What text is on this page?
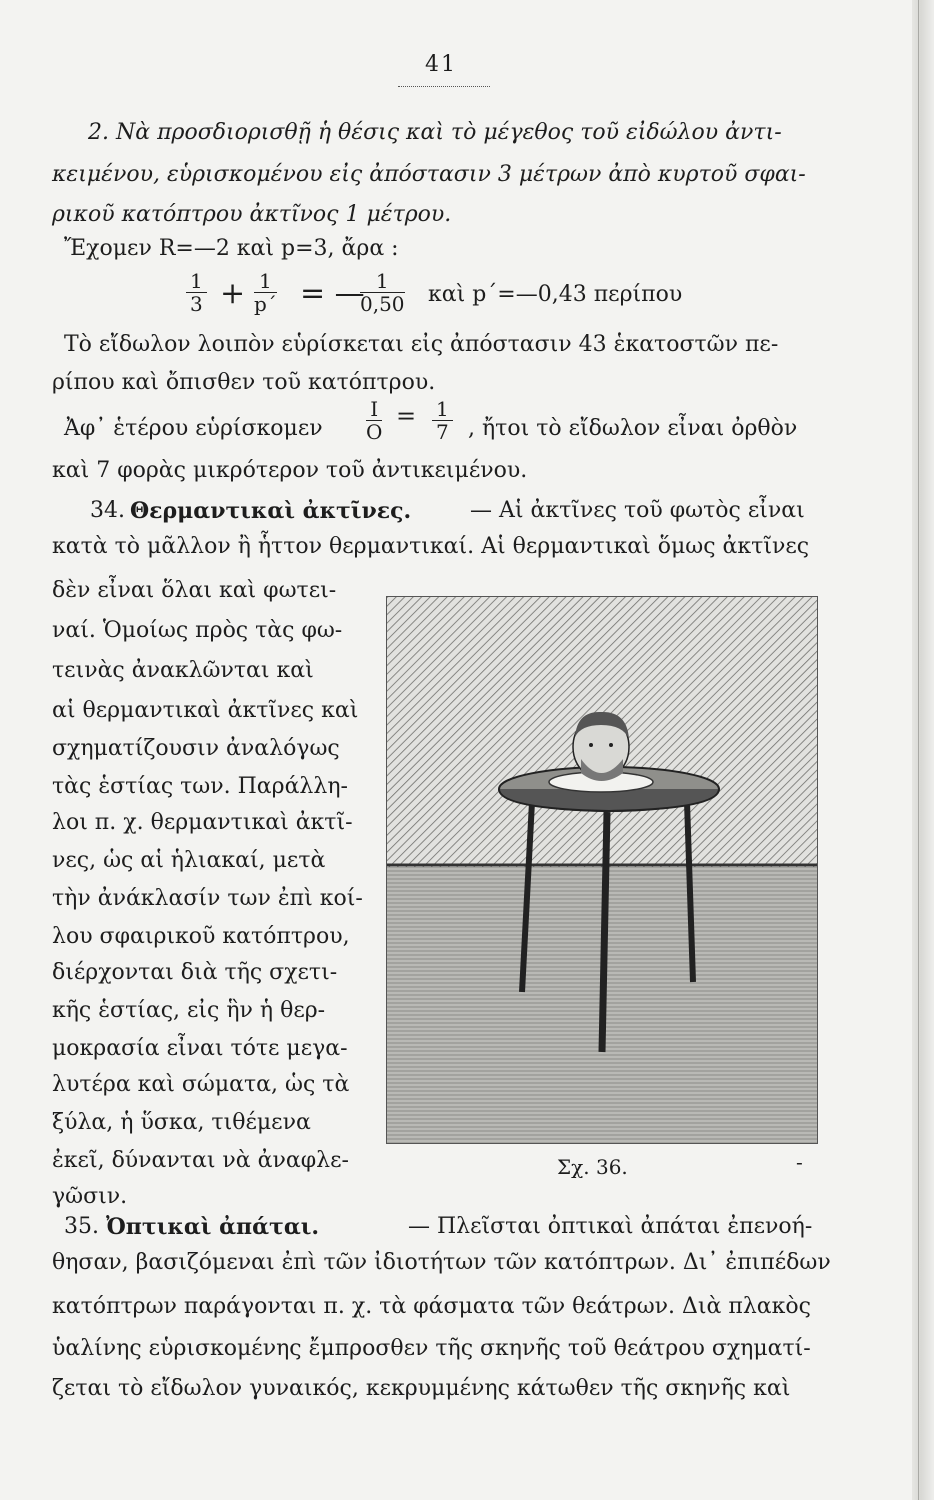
41
2. Νὰ προσδιορισθῇ ἡ θέσις καὶ τὸ μέγεθος τοῦ εἰδώλου ἀντι-
κειμένου, εὑρισκομένου εἰς ἀπόστασιν 3 μέτρων ἀπὸ κυρτοῦ σφαι-
ρικοῦ κατόπτρου ἀκτῖνος 1 μέτρου.
Ἔχομεν R=—2 καὶ p=3, ἄρα :
$\frac{1}{3} + \frac{1}{p´}$ = —
$\frac{1}{0,50}$ καὶ p´=—0,43 περίπου
Τὸ εἴδωλον λοιπὸν εὑρίσκεται εἰς ἀπόστασιν 43 ἑκατοστῶν πε-
ρίπου καὶ ὄπισθεν τοῦ κατόπτρου.
Ἀφ᾽ ἑτέρου εὑρίσκομεν $\frac{I}{O} = \frac{1}{7}$ , ἤτοι τὸ εἴδωλον εἶναι ὀρθὸν
καὶ 7 φορὰς μικρότερον τοῦ ἀντικειμένου.
34. Θερμαντικαὶ ἀκτῖνες.	— Αἱ ἀκτῖνες τοῦ φωτὸς εἶναι
κατὰ τὸ μᾶλλον ἢ ἧττον θερμαντικαί. Αἱ θερμαντικαὶ ὅμως ἀκτῖνες
δὲν εἶναι ὅλαι καὶ φωτει-
ναί. Ὁμοίως πρὸς τὰς φω-
τεινὰς ἀνακλῶνται καὶ
αἱ θερμαντικαὶ ἀκτῖνες καὶ
σχηματίζουσιν ἀναλόγως
τὰς ἑστίας των. Παράλλη-
λοι π. χ. θερμαντικαὶ ἀκτῖ-
νες, ὡς αἱ ἡλιακαί, μετὰ
τὴν ἀνάκλασίν των ἐπὶ κοί-
λου σφαιρικοῦ κατόπτρου,
διέρχονται διὰ τῆς σχετι-
κῆς ἑστίας, εἰς ἣν ἡ θερ-
μοκρασία εἶναι τότε μεγα-
λυτέρα καὶ σώματα, ὡς τὰ
ξύλα, ἡ ὕσκα, τιθέμενα
ἐκεῖ, δύνανται νὰ ἀναφλε-
γῶσιν.
Σχ. 36.	-
35. Ὀπτικαὶ ἀπάται.	— Πλεῖσται ὀπτικαὶ ἀπάται ἐπενοή-
θησαν, βασιζόμεναι ἐπὶ τῶν ἰδιοτήτων τῶν κατόπτρων. Δι᾽ ἐπιπέδων
κατόπτρων παράγονται π. χ. τὰ φάσματα τῶν θεάτρων. Διὰ πλακὸς
ὑαλίνης εὑρισκομένης ἔμπροσθεν τῆς σκηνῆς τοῦ θεάτρου σχηματί-
ζεται τὸ εἴδωλον γυναικός, κεκρυμμένης κάτωθεν τῆς σκηνῆς καὶ
